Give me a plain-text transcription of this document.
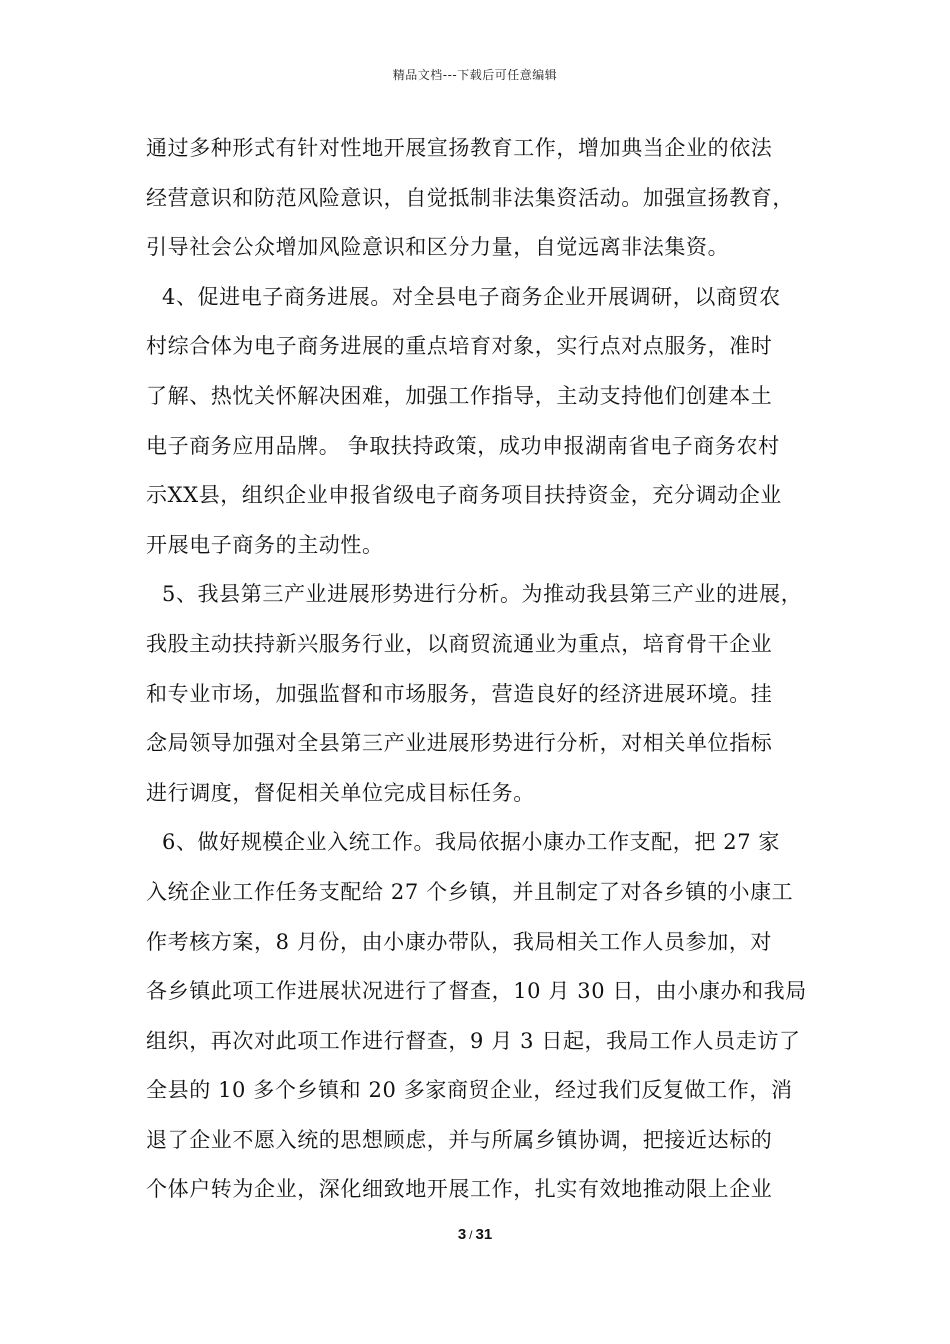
精品文档---下载后可任意编辑
通过多种形式有针对性地开展宣扬教育工作，增加典当企业的依法
经营意识和防范风险意识，自觉抵制非法集资活动。加强宣扬教育，
引导社会公众增加风险意识和区分力量，自觉远离非法集资。
4、促进电子商务进展。对全县电子商务企业开展调研，以商贸农
村综合体为电子商务进展的重点培育对象，实行点对点服务，准时
了解、热忱关怀解决困难，加强工作指导，主动支持他们创建本土
电子商务应用品牌。 争取扶持政策，成功申报湖南省电子商务农村
示XX县，组织企业申报省级电子商务项目扶持资金，充分调动企业
开展电子商务的主动性。
5、我县第三产业进展形势进行分析。为推动我县第三产业的进展，
我股主动扶持新兴服务行业，以商贸流通业为重点，培育骨干企业
和专业市场，加强监督和市场服务，营造良好的经济进展环境。挂
念局领导加强对全县第三产业进展形势进行分析，对相关单位指标
进行调度，督促相关单位完成目标任务。
6、做好规模企业入统工作。我局依据小康办工作支配，把 27 家
入统企业工作任务支配给 27 个乡镇，并且制定了对各乡镇的小康工
作考核方案，8 月份，由小康办带队，我局相关工作人员参加，对
各乡镇此项工作进展状况进行了督查，10 月 30 日，由小康办和我局
组织，再次对此项工作进行督查，9 月 3 日起，我局工作人员走访了
全县的 10 多个乡镇和 20 多家商贸企业，经过我们反复做工作，消
退了企业不愿入统的思想顾虑，并与所属乡镇协调，把接近达标的
个体户转为企业，深化细致地开展工作，扎实有效地推动限上企业
3 / 31
